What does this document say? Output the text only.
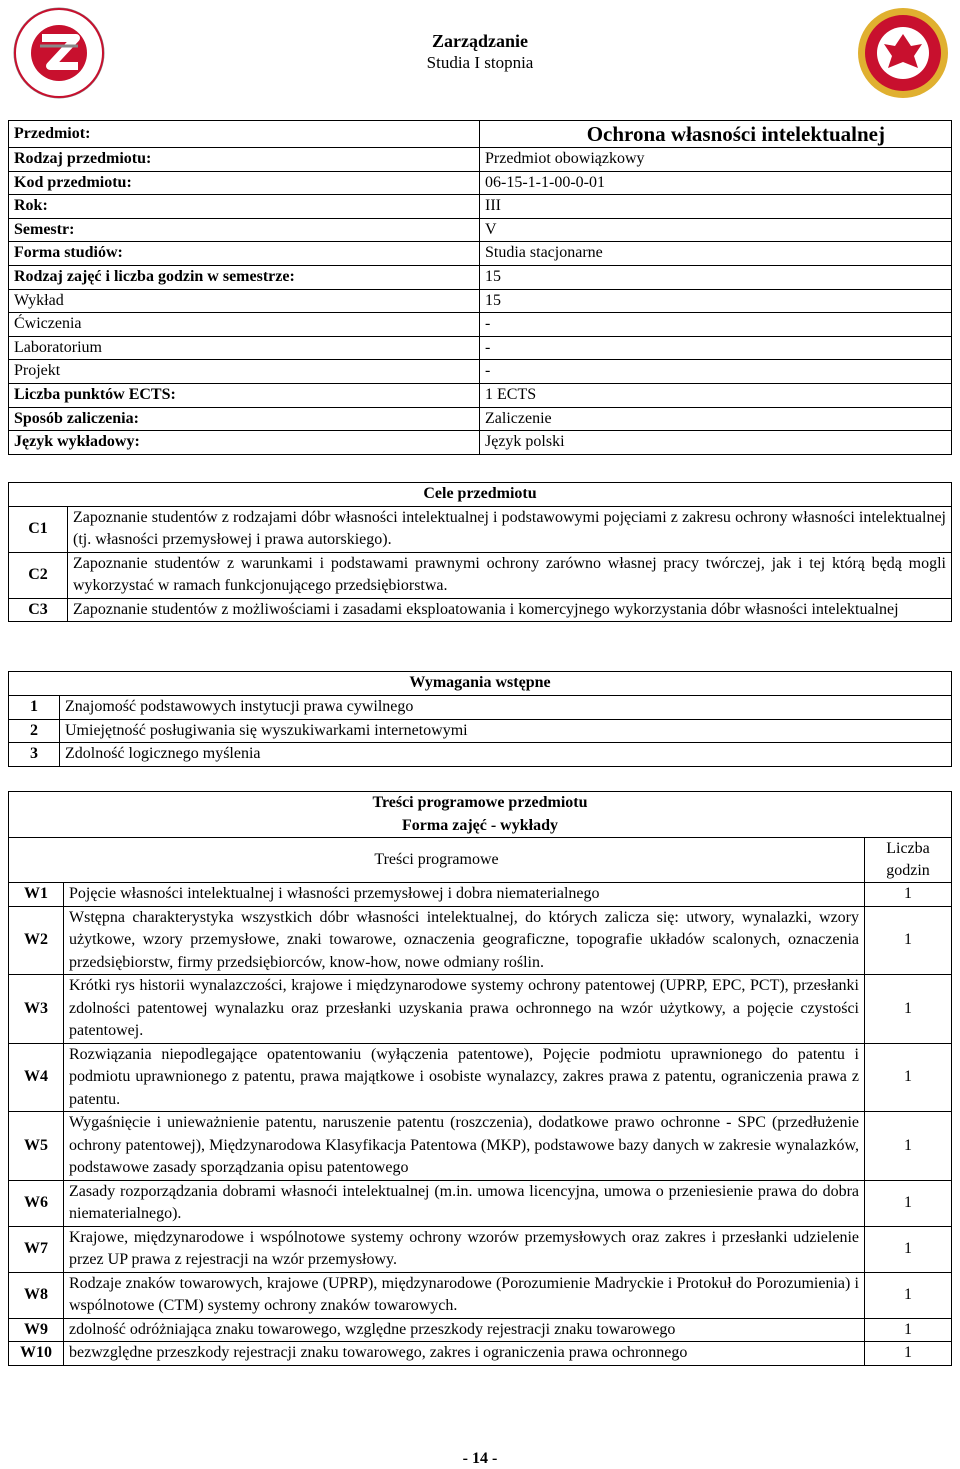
Zarządzanie
Studia I stopnia
Przedmiot:	Ochrona własności intelektualnej
Rodzaj przedmiotu:	Przedmiot obowiązkowy
Kod przedmiotu:	06-15-1-1-00-0-01
Rok:	III
Semestr:	V
Forma studiów:	Studia stacjonarne
Rodzaj zajęć i liczba godzin w semestrze:	15
Wykład	15
Ćwiczenia	-
Laboratorium	-
Projekt	-
Liczba punktów ECTS:	1 ECTS
Sposób zaliczenia:	Zaliczenie
Język wykładowy:	Język polski
Cele przedmiotu	
C1	Zapoznanie studentów z rodzajami dóbr własności intelektualnej i podstawowymi pojęciami z zakresu ochrony własności intelektualnej (tj. własności przemysłowej i prawa autorskiego).
C2	Zapoznanie studentów z warunkami i podstawami prawnymi ochrony zarówno własnej pracy twórczej, jak i tej którą będą mogli wykorzystać w ramach funkcjonującego przedsiębiorstwa.
C3	Zapoznanie studentów z możliwościami i zasadami eksploatowania i komercyjnego wykorzystania dóbr własności intelektualnej
Wymagania wstępne	
1	Znajomość podstawowych instytucji prawa cywilnego
2	Umiejętność posługiwania się wyszukiwarkami internetowymi
3	Zdolność logicznego myślenia
Treści programowe przedmiotu		
Forma zajęć - wykłady		
Treści programowe		Liczba godzin
W1	Pojęcie własności intelektualnej i własności przemysłowej i dobra niematerialnego	1
W2	Wstępna charakterystyka wszystkich dóbr własności intelektualnej, do których zalicza się: utwory, wynalazki, wzory użytkowe, wzory przemysłowe, znaki towarowe, oznaczenia geograficzne, topografie układów scalonych, oznaczenia przedsiębiorstw, firmy przedsiębiorców, know-how, nowe odmiany roślin.	1
W3	Krótki rys historii wynalazczości, krajowe i międzynarodowe systemy ochrony patentowej (UPRP, EPC, PCT), przesłanki zdolności patentowej wynalazku oraz przesłanki uzyskania prawa ochronnego na wzór użytkowy, a pojęcie czystości patentowej.	1
W4	Rozwiązania niepodlegające opatentowaniu (wyłączenia patentowe), Pojęcie podmiotu uprawnionego do patentu i podmiotu uprawnionego z patentu, prawa majątkowe i osobiste wynalazcy, zakres prawa z patentu, ograniczenia prawa z patentu.	1
W5	Wygaśnięcie i unieważnienie patentu, naruszenie patentu (roszczenia), dodatkowe prawo ochronne - SPC (przedłużenie ochrony patentowej), Międzynarodowa Klasyfikacja Patentowa (MKP), podstawowe bazy danych w zakresie wynalazków, podstawowe zasady sporządzania opisu patentowego	1
W6	Zasady rozporządzania dobrami własnoći intelektualnej (m.in. umowa licencyjna, umowa o przeniesienie prawa do dobra niematerialnego).	1
W7	Krajowe, międzynarodowe i wspólnotowe systemy ochrony wzorów przemysłowych oraz zakres i przesłanki udzielenie przez UP prawa z rejestracji na wzór przemysłowy.	1
W8	Rodzaje znaków towarowych, krajowe (UPRP), międzynarodowe (Porozumienie Madryckie i Protokuł do Porozumienia) i wspólnotowe (CTM) systemy ochrony znaków towarowych.	1
W9	zdolność odróżniająca znaku towarowego, względne przeszkody rejestracji znaku towarowego	1
W10	bezwzględne przeszkody rejestracji znaku towarowego, zakres i ograniczenia prawa ochronnego	1
- 14 -
